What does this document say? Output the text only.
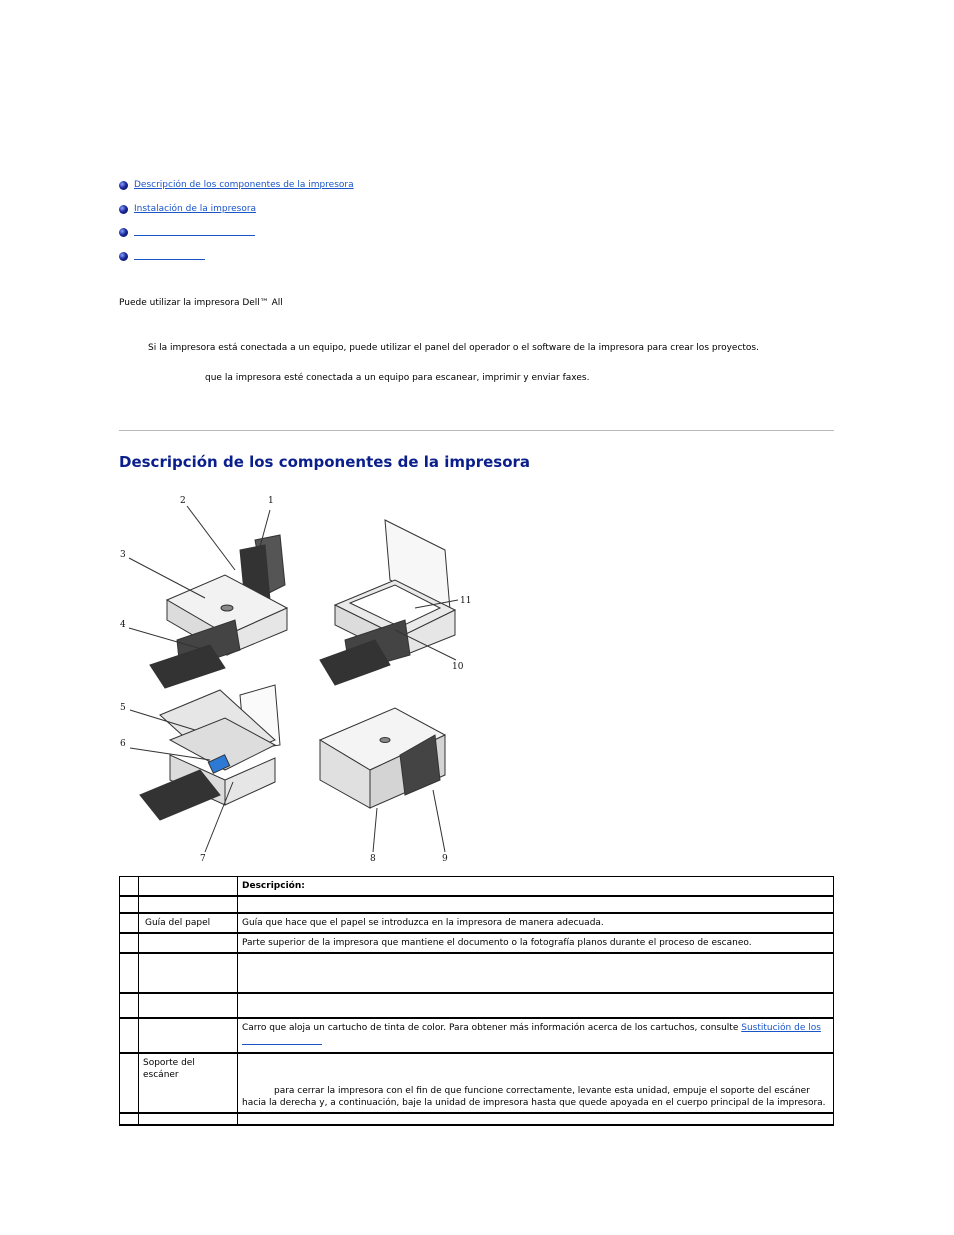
Descripción de los componentes de la impresora
Instalación de la impresora
Puede utilizar la impresora Dell™ All
Si la impresora está conectada a un equipo, puede utilizar el panel del operador o el software de la impresora para crear los proyectos.
que la impresora esté conectada a un equipo para escanear, imprimir y enviar faxes.
Descripción de los componentes de la impresora
1
2
3
4
5
6
7	8	9
10
11
		Descripción:

	Guía del papel	Guía que hace que el papel se introduzca en la impresora de manera adecuada.
		Parte superior de la impresora que mantiene el documento o la fotografía planos durante el proceso de escaneo.

		Carro que aloja un cartucho de tinta de color. Para obtener más información acerca de los cartuchos, consulte Sustitución de los

	Soporte del escáner	para cerrar la impresora con el fin de que funcione correctamente, levante esta unidad, empuje el soporte del escáner hacia la derecha y, a continuación, baje la unidad de impresora hasta que quede apoyada en el cuerpo principal de la impresora.
